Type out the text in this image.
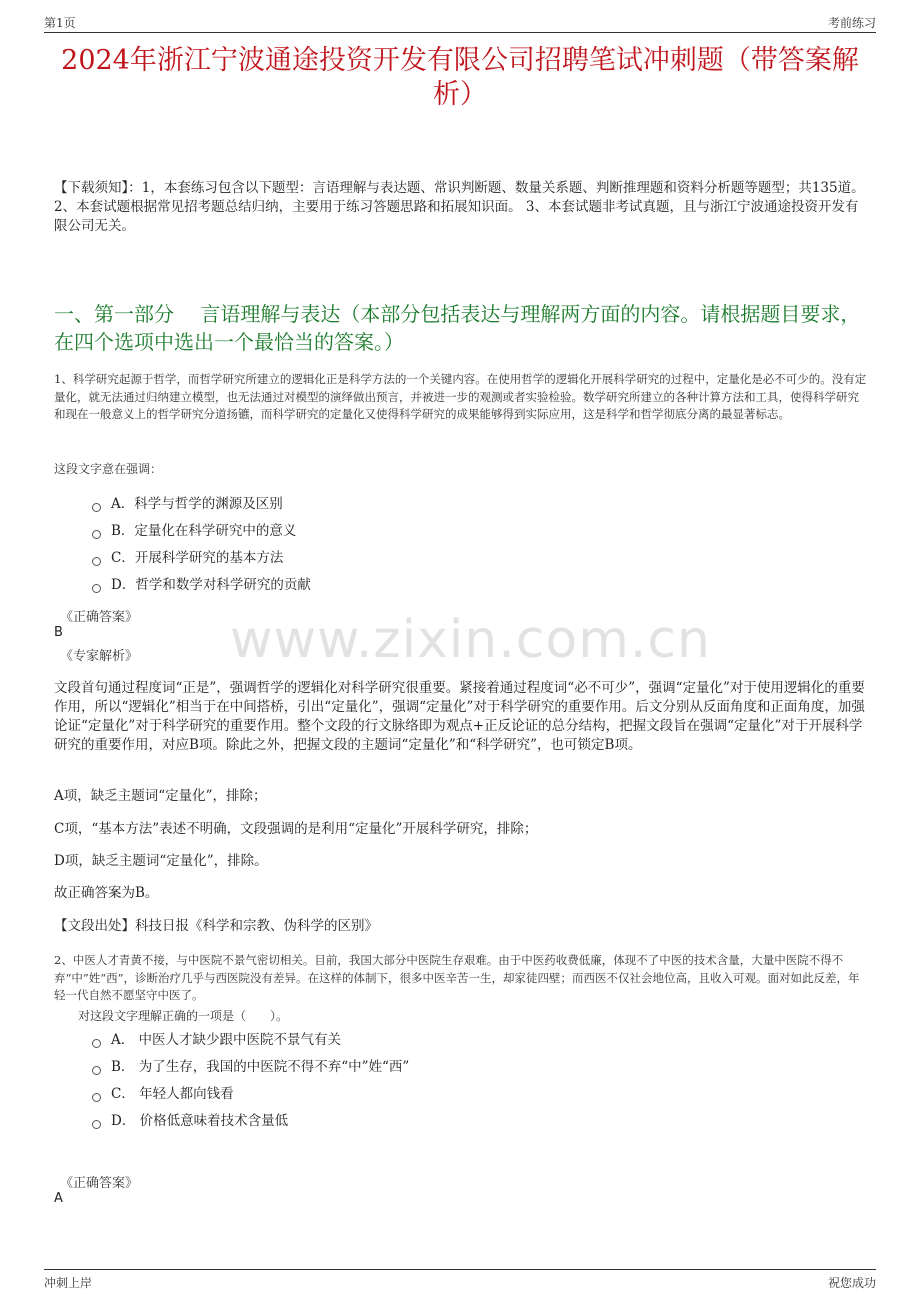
第1页	考前练习
2024年浙江宁波通途投资开发有限公司招聘笔试冲刺题（带答案解析）
【下载须知】：1，本套练习包含以下题型：言语理解与表达题、常识判断题、数量关系题、判断推理题和资料分析题等题型；共135道。 2、本套试题根据常见招考题总结归纳，主要用于练习答题思路和拓展知识面。 3、本套试题非考试真题，且与浙江宁波通途投资开发有限公司无关。
一、第一部分　 言语理解与表达（本部分包括表达与理解两方面的内容。请根据题目要求，在四个选项中选出一个最恰当的答案。）
1、科学研究起源于哲学，而哲学研究所建立的逻辑化正是科学方法的一个关键内容。在使用哲学的逻辑化开展科学研究的过程中，定量化是必不可少的。没有定量化，就无法通过归纳建立模型，也无法通过对模型的演绎做出预言，并被进一步的观测或者实验检验。数学研究所建立的各种计算方法和工具，使得科学研究和现在一般意义上的哲学研究分道扬镳，而科学研究的定量化又使得科学研究的成果能够得到实际应用，这是科学和哲学彻底分离的最显著标志。
这段文字意在强调：
A．科学与哲学的渊源及区别
B．定量化在科学研究中的意义
C．开展科学研究的基本方法
D．哲学和数学对科学研究的贡献
《正确答案》
B
《专家解析》 www.zixin.com.cn
文段首句通过程度词“正是”，强调哲学的逻辑化对科学研究很重要。紧接着通过程度词“必不可少”，强调“定量化”对于使用逻辑化的重要作用，所以“逻辑化”相当于在中间搭桥，引出“定量化”，强调“定量化”对于科学研究的重要作用。后文分别从反面角度和正面角度，加强论证“定量化”对于科学研究的重要作用。整个文段的行文脉络即为观点+正反论证的总分结构，把握文段旨在强调“定量化”对于开展科学研究的重要作用，对应B项。除此之外，把握文段的主题词“定量化”和“科学研究”，也可锁定B项。
A项，缺乏主题词“定量化”，排除；
C项，“基本方法”表述不明确，文段强调的是利用“定量化”开展科学研究，排除；
D项，缺乏主题词“定量化”，排除。
故正确答案为B。
【文段出处】科技日报《科学和宗教、伪科学的区别》
2、中医人才青黄不接，与中医院不景气密切相关。目前，我国大部分中医院生存艰难。由于中医药收费低廉，体现不了中医的技术含量，大量中医院不得不弃“中”姓“西”，诊断治疗几乎与西医院没有差异。在这样的体制下，很多中医辛苦一生，却家徒四壁；而西医不仅社会地位高，且收入可观。面对如此反差，年轻一代自然不愿坚守中医了。
对这段文字理解正确的一项是（　　）。
A． 中医人才缺少跟中医院不景气有关
B． 为了生存，我国的中医院不得不弃“中”姓“西”
C． 年轻人都向钱看
D． 价格低意味着技术含量低
《正确答案》
A
冲刺上岸	祝您成功
